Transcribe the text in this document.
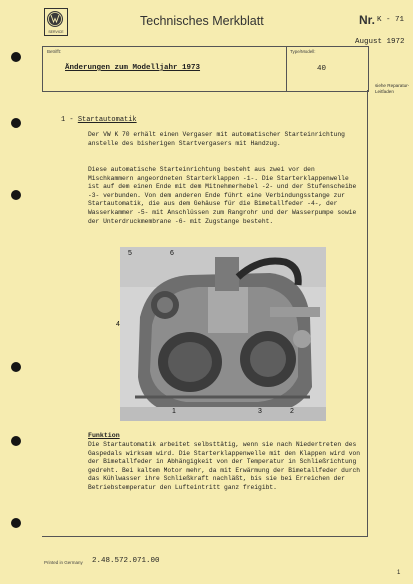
SERVICE
Technisches Merkblatt	Nr. K - 71
August 1972
Betrifft:	Type/Modell:
Änderungen zum Modelljahr 1973	40
siehe Reparatur-Leitfaden
1 - Startautomatik
Der VW K 70 erhält einen Vergaser mit automatischer Starteinrichtung anstelle des bisherigen Startvergasers mit Handzug.
Diese automatische Starteinrichtung besteht aus zwei vor den Mischkammern angeordneten Starterklappen -1-. Die Starterklappenwelle ist auf dem einen Ende mit dem Mitnehmerhebel -2- und der Stufenscheibe -3- verbunden. Von dem anderen Ende führt eine Verbindungsstange zur Startautomatik, die aus dem Gehäuse für die Bimetallfeder -4-, der Wasserkammer -5- mit Anschlüssen zum Rangrohr und der Wasserpumpe sowie der Unterdruckmembrane -6- mit Zugstange besteht.
5	6
4
1	3	2
Funktion
Die Startautomatik arbeitet selbsttätig, wenn sie nach Niedertreten des Gaspedals wirksam wird. Die Starterklappenwelle mit den Klappen wird von der Bimetallfeder in Abhängigkeit von der Temperatur in Schließrichtung gedreht. Bei kaltem Motor mehr, da mit Erwärmung der Bimetallfeder durch das Kühlwasser ihre Schließkraft nachläßt, bis sie bei Erreichen der Betriebstemperatur den Lufteintritt ganz freigibt.
Printed in Germany 2.48.572.071.00
1
